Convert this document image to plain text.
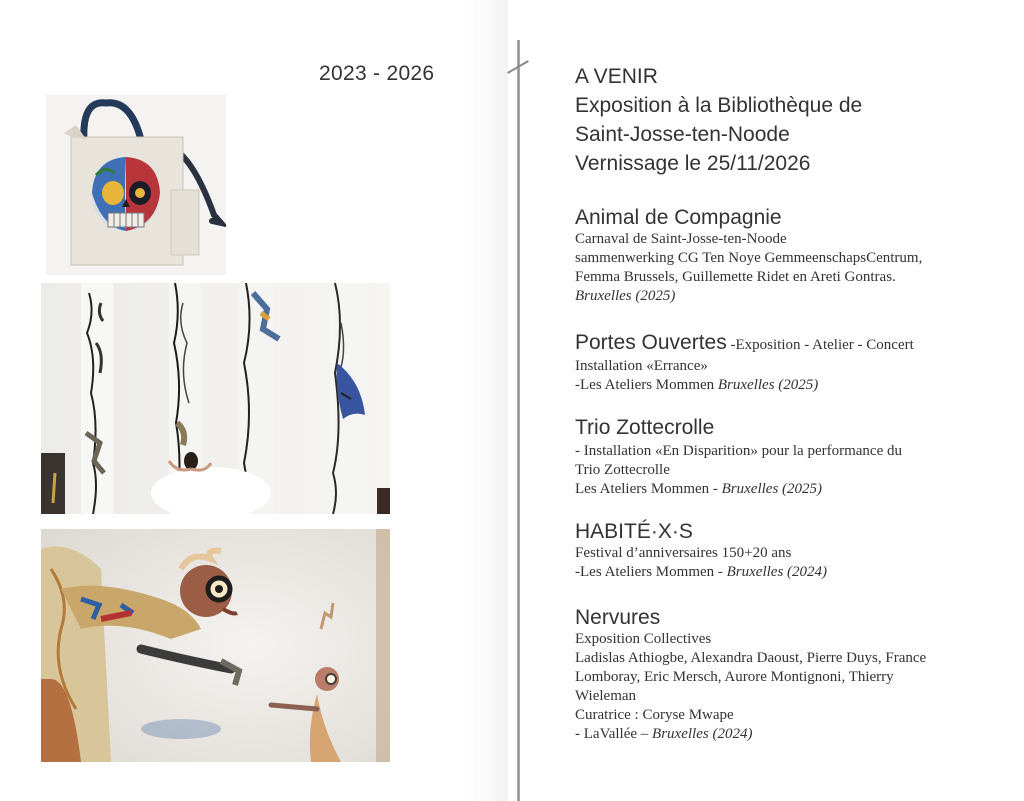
2023 - 2026	A VENIR
Exposition à la Bibliothèque de
Saint-Josse-ten-Noode
Vernissage le 25/11/2026
Animal de Compagnie
Carnaval de Saint-Josse-ten-Noode
sammenwerking CG Ten Noye GemmeenschapsCentrum,
Femma Brussels, Guillemette Ridet en Areti Gontras.
Bruxelles (2025)
Portes Ouvertes -Exposition - Atelier - Concert
Installation «Errance»
-Les Ateliers Mommen Bruxelles (2025)
Trio Zottecrolle
- Installation «En Disparition» pour la performance du
Trio Zottecrolle
Les Ateliers Mommen - Bruxelles (2025)
HABITÉ·X·S
Festival d’anniversaires 150+20 ans
-Les Ateliers Mommen - Bruxelles (2024)
Nervures
Exposition Collectives
Ladislas Athiogbe, Alexandra Daoust, Pierre Duys, France
Lomboray, Eric Mersch, Aurore Montignoni, Thierry
Wieleman
Curatrice : Coryse Mwape
- LaVallée – Bruxelles (2024)
